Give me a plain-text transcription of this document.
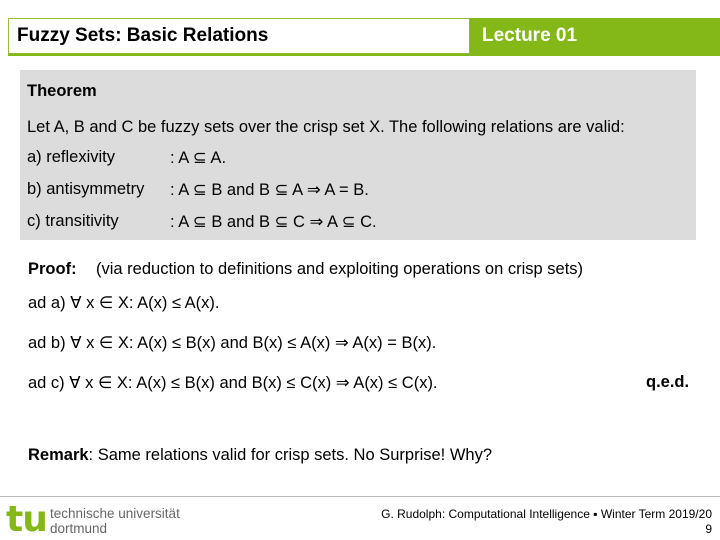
Fuzzy Sets: Basic Relations	Lecture 01
Theorem
Let A, B and C be fuzzy sets over the crisp set X. The following relations are valid:
a) reflexivity	: A ⊆ A.
b) antisymmetry : A ⊆ B and B ⊆ A ⇒ A = B.
c) transitivity	: A ⊆ B and B ⊆ C ⇒ A ⊆ C.
Proof: (via reduction to definitions and exploiting operations on crisp sets)
ad a) ∀ x ∈ X: A(x) ≤ A(x).
ad b) ∀ x ∈ X: A(x) ≤ B(x) and B(x) ≤ A(x) ⇒ A(x) = B(x).
ad c) ∀ x ∈ X: A(x) ≤ B(x) and B(x) ≤ C(x) ⇒ A(x) ≤ C(x).	q.e.d.
Remark: Same relations valid for crisp sets. No Surprise! Why?
tu technische universität
dortmund
G. Rudolph: Computational Intelligence ▪ Winter Term 2019/20
9
